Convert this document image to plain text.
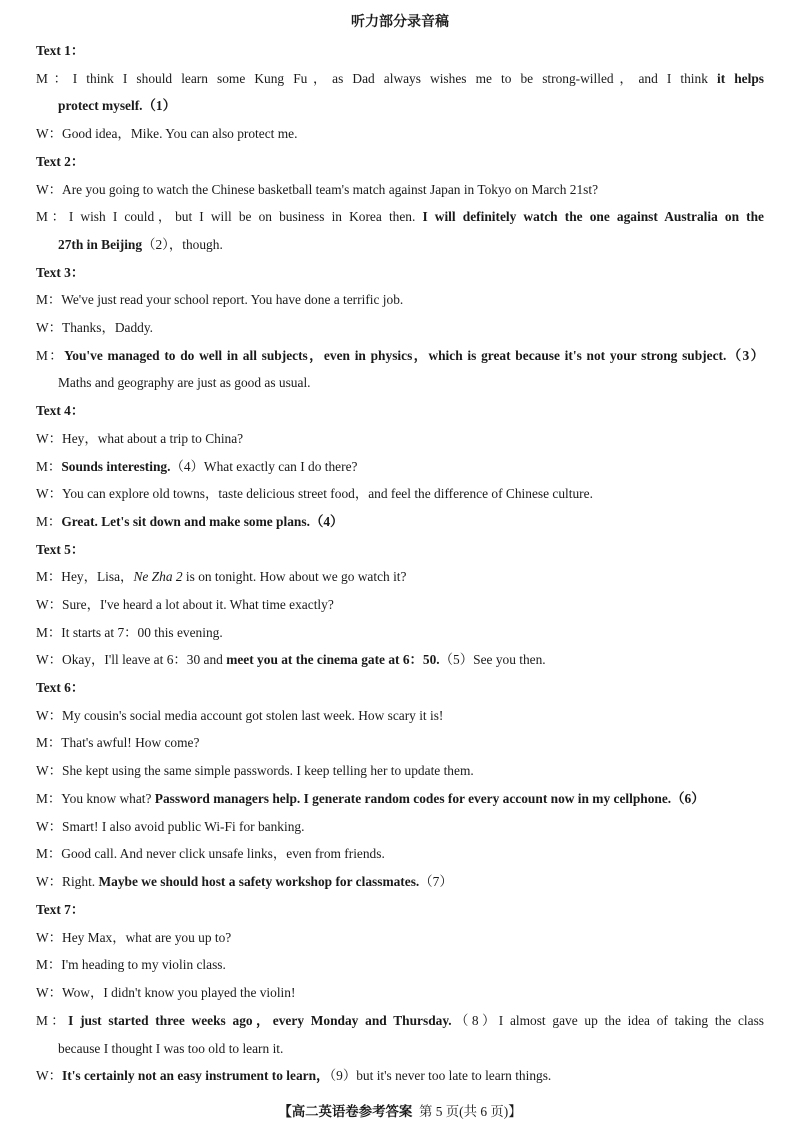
听力部分录音稿
Text 1：
M：I think I should learn some Kung Fu，as Dad always wishes me to be strong-willed，and I think it helps
protect myself.（1）
W：Good idea，Mike. You can also protect me.
Text 2：
W：Are you going to watch the Chinese basketball team's match against Japan in Tokyo on March 21st?
M：I wish I could，but I will be on business in Korea then. I will definitely watch the one against Australia on the
27th in Beijing（2），though.
Text 3：
M：We've just read your school report. You have done a terrific job.
W：Thanks，Daddy.
M：You've managed to do well in all subjects，even in physics，which is great because it's not your strong subject.（3）
Maths and geography are just as good as usual.
Text 4：
W：Hey，what about a trip to China?
M：Sounds interesting.（4）What exactly can I do there?
W：You can explore old towns，taste delicious street food，and feel the difference of Chinese culture.
M：Great. Let's sit down and make some plans.（4）
Text 5：
M：Hey，Lisa，Ne Zha 2 is on tonight. How about we go watch it?
W：Sure，I've heard a lot about it. What time exactly?
M：It starts at 7：00 this evening.
W：Okay，I'll leave at 6：30 and meet you at the cinema gate at 6：50.（5）See you then.
Text 6：
W：My cousin's social media account got stolen last week. How scary it is!
M：That's awful! How come?
W：She kept using the same simple passwords. I keep telling her to update them.
M：You know what? Password managers help. I generate random codes for every account now in my cellphone.（6）
W：Smart! I also avoid public Wi-Fi for banking.
M：Good call. And never click unsafe links，even from friends.
W：Right. Maybe we should host a safety workshop for classmates.（7）
Text 7：
W：Hey Max，what are you up to?
M：I'm heading to my violin class.
W：Wow，I didn't know you played the violin!
M：I just started three weeks ago，every Monday and Thursday.（8）I almost gave up the idea of taking the class
because I thought I was too old to learn it.
W：It's certainly not an easy instrument to learn，（9）but it's never too late to learn things.
【高二英语卷参考答案 第 5 页(共 6 页)】
